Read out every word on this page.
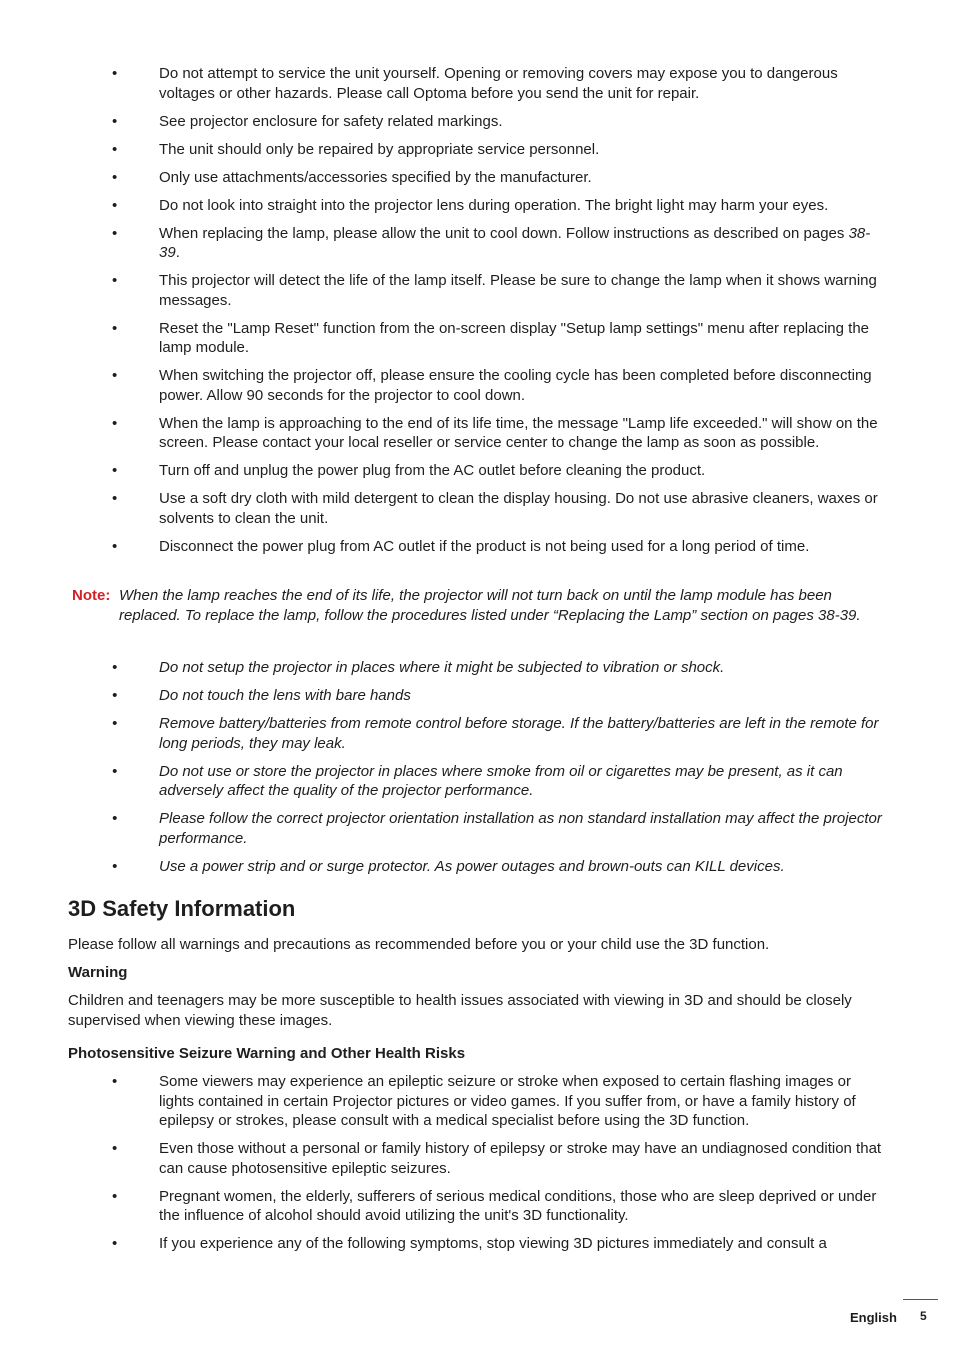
•	Do not attempt to service the unit yourself. Opening or removing covers may expose you to dangerous voltages or other hazards. Please call Optoma before you send the unit for repair.
•	See projector enclosure for safety related markings.
•	The unit should only be repaired by appropriate service personnel.
•	Only use attachments/accessories specified by the manufacturer.
•	Do not look into straight into the projector lens during operation. The bright light may harm your eyes.
•	When replacing the lamp, please allow the unit to cool down. Follow instructions as described on pages 38-39.
•	This projector will detect the life of the lamp itself. Please be sure to change the lamp when it shows warning messages.
•	Reset the "Lamp Reset" function from the on-screen display "Setup lamp settings" menu after replacing the lamp module.
•	When switching the projector off, please ensure the cooling cycle has been completed before disconnecting power. Allow 90 seconds for the projector to cool down.
•	When the lamp is approaching to the end of its life time, the message "Lamp life exceeded." will show on the screen. Please contact your local reseller or service center to change the lamp as soon as possible.
•	Turn off and unplug the power plug from the AC outlet before cleaning the product.
•	Use a soft dry cloth with mild detergent to clean the display housing. Do not use abrasive cleaners, waxes or solvents to clean the unit.
•	Disconnect the power plug from AC outlet if the product is not being used for a long period of time.
Note: When the lamp reaches the end of its life, the projector will not turn back on until the lamp module has been replaced. To replace the lamp, follow the procedures listed under “Replacing the Lamp” section on pages 38-39.
•	Do not setup the projector in places where it might be subjected to vibration or shock.
•	Do not touch the lens with bare hands
•	Remove battery/batteries from remote control before storage. If the battery/batteries are left in the remote for long periods, they may leak.
•	Do not use or store the projector in places where smoke from oil or cigarettes may be present, as it can adversely affect the quality of the projector performance.
•	Please follow the correct projector orientation installation as non standard installation may affect the projector performance.
•	Use a power strip and or surge protector. As power outages and brown-outs can KILL devices.
3D Safety Information

Please follow all warnings and precautions as recommended before you or your child use the 3D function.

Warning

Children and teenagers may be more susceptible to health issues associated with viewing in 3D and should be closely supervised when viewing these images.

Photosensitive Seizure Warning and Other Health Risks

•	Some viewers may experience an epileptic seizure or stroke when exposed to certain flashing images or lights contained in certain Projector pictures or video games. If you suffer from, or have a family history of epilepsy or strokes, please consult with a medical specialist before using the 3D function.
•	Even those without a personal or family history of epilepsy or stroke may have an undiagnosed condition that can cause photosensitive epileptic seizures.
•	Pregnant women, the elderly, sufferers of serious medical conditions, those who are sleep deprived or under the influence of alcohol should avoid utilizing the unit's 3D functionality.
•	If you experience any of the following symptoms, stop viewing 3D pictures immediately and consult a
English 5
